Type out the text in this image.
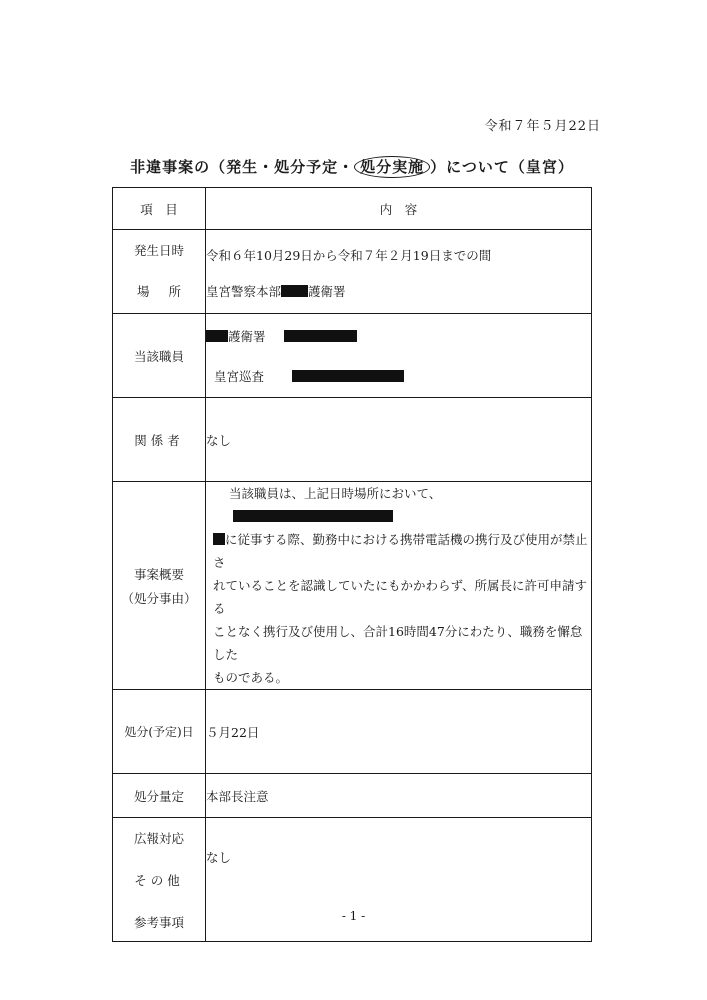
令和７年５月22日
非違事案の（発生・処分予定・ 処分実施 ）について（皇宮）
項　目	内　容
発生日時	令和６年10月29日から令和７年２月19日までの間

場 所	皇宮警察本部 護衛署
当該職員	護衛署
皇宮巡査

関係者	なし

事案概要
（処分事由）	当該職員は、上記日時場所において、
に従事する際、勤務中における携帯電話機の携行及び使用が禁止さ
れていることを認識していたにもかかわらず、所属長に許可申請する
ことなく携行及び使用し、合計16時間47分にわたり、職務を懈怠した
ものである。

処分(予定)日	５月22日
処分量定	本部長注意

広報対応
その他
参考事項	なし
- 1 -
